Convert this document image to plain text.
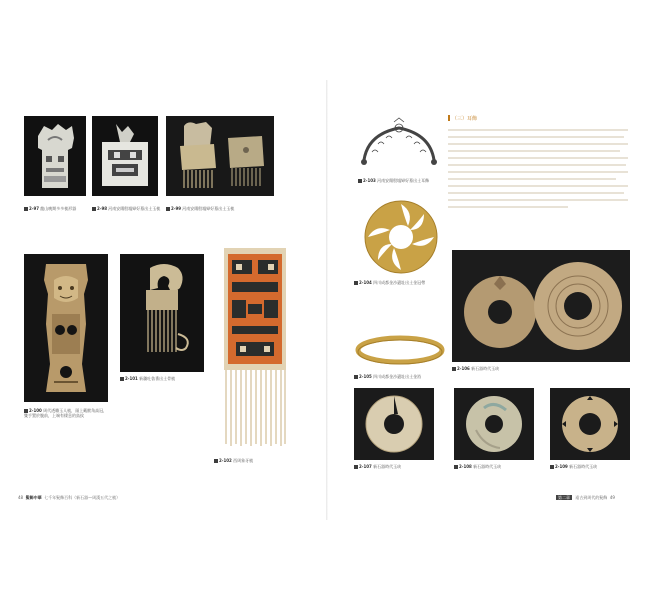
2-97 龍山晚期多多梳形器	2-98 河南安陽殷墟婦好墓出土玉梳	2-99 河南安陽殷墟婦好墓出土玉梳
2-100 周代透雕玉人梳，頭上戴獸角高冠，雙手置於腹前，上端有棲息的鳥紋
2-101 新疆吐魯番出土骨梳
2-102 西周象牙梳
48 髮飾中華 七千年髮飾百科（新石器—周漢五代之梳）
2-103 河南安陽殷墟婦好墓出土耳飾
（三）耳飾
2-104 四川成都金沙遺址出土金冠帶
2-105 四川成都金沙遺址出土金箔
2-106 新石器時代玉玦
2-107 新石器時代玉玦	2-108 新石器時代玉玦	2-109 新石器時代玉玦
第二章 遠古到周代的髮飾 49
